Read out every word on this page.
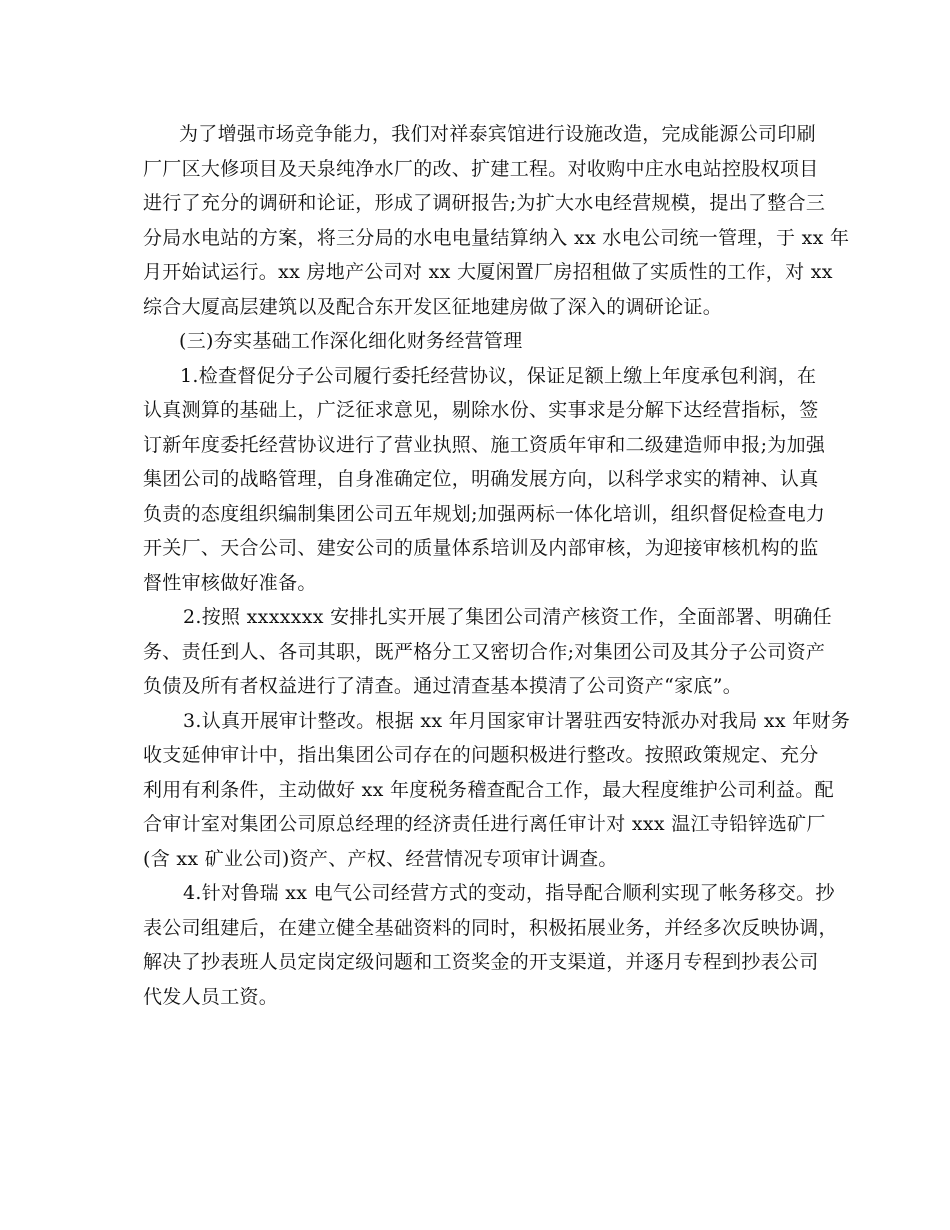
为了增强市场竞争能力，我们对祥泰宾馆进行设施改造，完成能源公司印刷
厂厂区大修项目及天泉纯净水厂的改、扩建工程。对收购中庄水电站控股权项目
进行了充分的调研和论证，形成了调研报告;为扩大水电经营规模，提出了整合三
分局水电站的方案，将三分局的水电电量结算纳入 xx 水电公司统一管理，于 xx 年
月开始试运行。xx 房地产公司对 xx 大厦闲置厂房招租做了实质性的工作，对 xx
综合大厦高层建筑以及配合东开发区征地建房做了深入的调研论证。
(三)夯实基础工作深化细化财务经营管理
1.检查督促分子公司履行委托经营协议，保证足额上缴上年度承包利润，在
认真测算的基础上，广泛征求意见，剔除水份、实事求是分解下达经营指标，签
订新年度委托经营协议进行了营业执照、施工资质年审和二级建造师申报;为加强
集团公司的战略管理，自身准确定位，明确发展方向，以科学求实的精神、认真
负责的态度组织编制集团公司五年规划;加强两标一体化培训，组织督促检查电力
开关厂、天合公司、建安公司的质量体系培训及内部审核，为迎接审核机构的监
督性审核做好准备。
2.按照 xxxxxxx 安排扎实开展了集团公司清产核资工作，全面部署、明确任
务、责任到人、各司其职，既严格分工又密切合作;对集团公司及其分子公司资产
负债及所有者权益进行了清查。通过清查基本摸清了公司资产“家底”。
3.认真开展审计整改。根据 xx 年月国家审计署驻西安特派办对我局 xx 年财务
收支延伸审计中，指出集团公司存在的问题积极进行整改。按照政策规定、充分
利用有利条件，主动做好 xx 年度税务稽查配合工作，最大程度维护公司利益。配
合审计室对集团公司原总经理的经济责任进行离任审计对 xxx 温江寺铅锌选矿厂
(含 xx 矿业公司)资产、产权、经营情况专项审计调查。
4.针对鲁瑞 xx 电气公司经营方式的变动，指导配合顺利实现了帐务移交。抄
表公司组建后，在建立健全基础资料的同时，积极拓展业务，并经多次反映协调，
解决了抄表班人员定岗定级问题和工资奖金的开支渠道，并逐月专程到抄表公司
代发人员工资。
